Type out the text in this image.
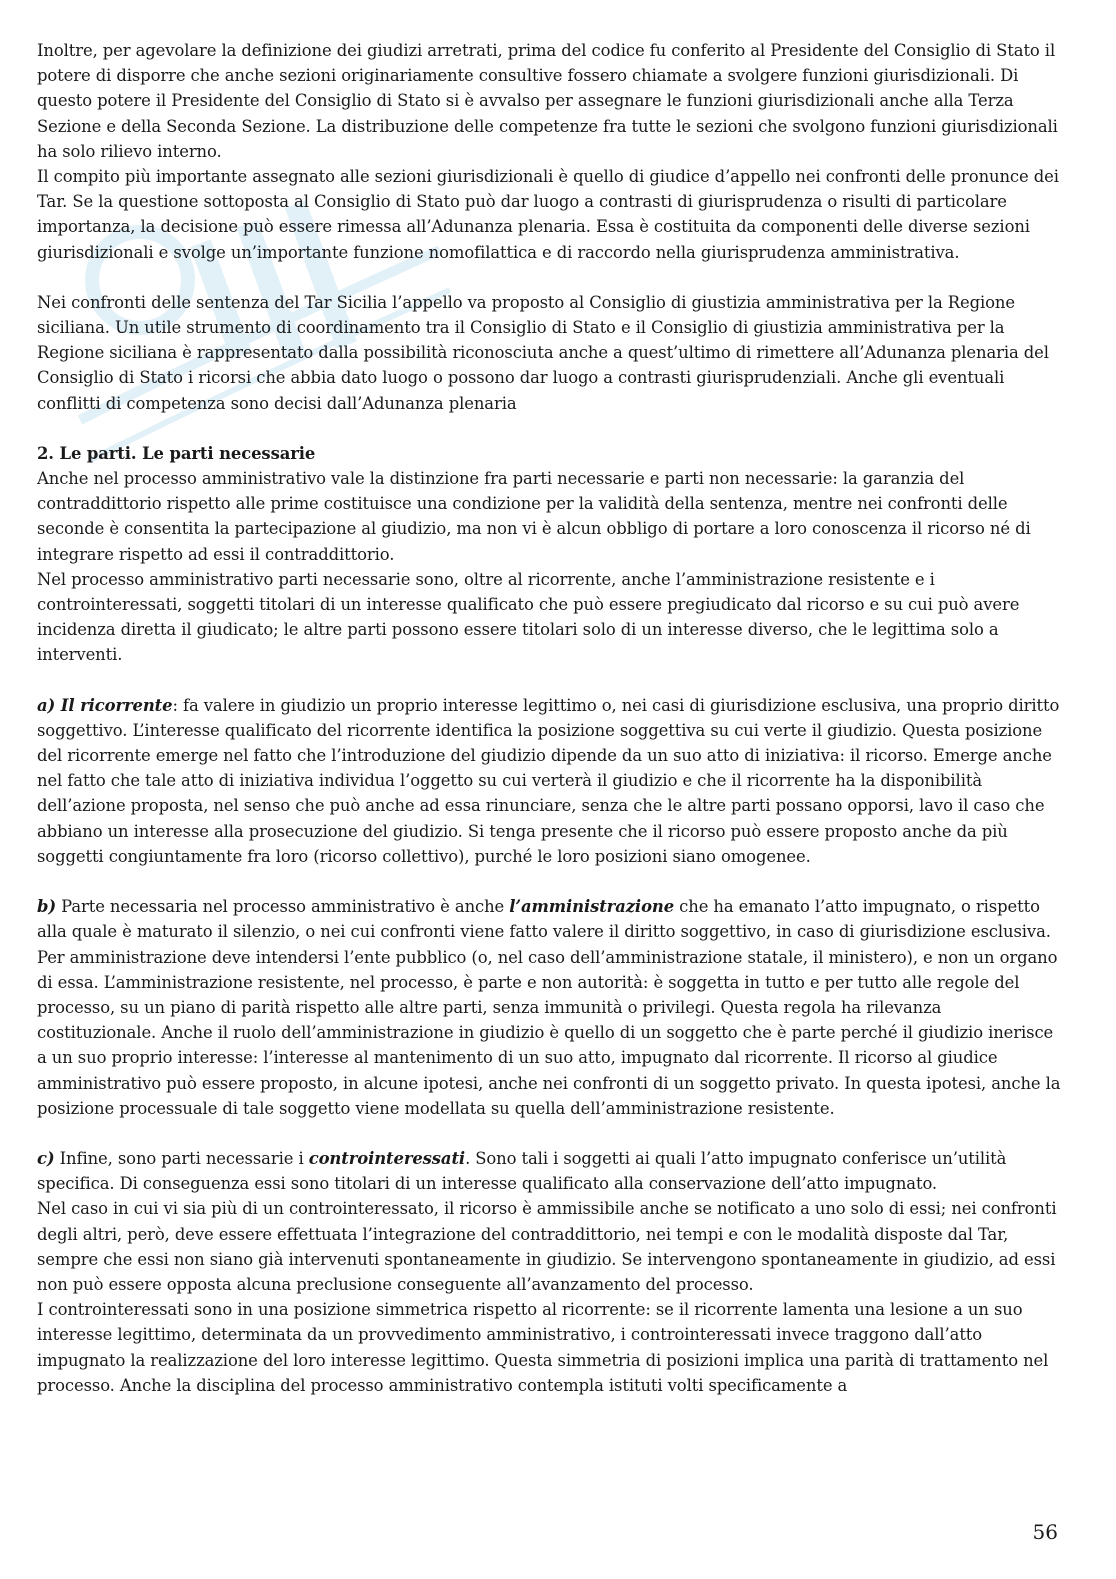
Inoltre, per agevolare la definizione dei giudizi arretrati, prima del codice fu conferito al Presidente del Consiglio di Stato il potere di disporre che anche sezioni originariamente consultive fossero chiamate a svolgere funzioni giurisdizionali. Di questo potere il Presidente del Consiglio di Stato si è avvalso per assegnare le funzioni giurisdizionali anche alla Terza Sezione e della Seconda Sezione. La distribuzione delle competenze fra tutte le sezioni che svolgono funzioni giurisdizionali ha solo rilievo interno.

Il compito più importante assegnato alle sezioni giurisdizionali è quello di giudice d’appello nei confronti delle pronunce dei Tar. Se la questione sottoposta al Consiglio di Stato può dar luogo a contrasti di giurisprudenza o risulti di particolare importanza, la decisione può essere rimessa all’Adunanza plenaria. Essa è costituita da componenti delle diverse sezioni giurisdizionali e svolge un’importante funzione nomofilattica e di raccordo nella giurisprudenza amministrativa.

Nei confronti delle sentenza del Tar Sicilia l’appello va proposto al Consiglio di giustizia amministrativa per la Regione siciliana. Un utile strumento di coordinamento tra il Consiglio di Stato e il Consiglio di giustizia amministrativa per la Regione siciliana è rappresentato dalla possibilità riconosciuta anche a quest’ultimo di rimettere all’Adunanza plenaria del Consiglio di Stato i ricorsi che abbia dato luogo o possono dar luogo a contrasti giurisprudenziali. Anche gli eventuali conflitti di competenza sono decisi dall’Adunanza plenaria

2. Le parti. Le parti necessarie

Anche nel processo amministrativo vale la distinzione fra parti necessarie e parti non necessarie: la garanzia del contraddittorio rispetto alle prime costituisce una condizione per la validità della sentenza, mentre nei confronti delle seconde è consentita la partecipazione al giudizio, ma non vi è alcun obbligo di portare a loro conoscenza il ricorso né di integrare rispetto ad essi il contraddittorio.

Nel processo amministrativo parti necessarie sono, oltre al ricorrente, anche l’amministrazione resistente e i controinteressati, soggetti titolari di un interesse qualificato che può essere pregiudicato dal ricorso e su cui può avere incidenza diretta il giudicato; le altre parti possono essere titolari solo di un interesse diverso, che le legittima solo a interventi.

a) Il ricorrente: fa valere in giudizio un proprio interesse legittimo o, nei casi di giurisdizione esclusiva, una proprio diritto soggettivo. L’interesse qualificato del ricorrente identifica la posizione soggettiva su cui verte il giudizio. Questa posizione del ricorrente emerge nel fatto che l’introduzione del giudizio dipende da un suo atto di iniziativa: il ricorso. Emerge anche nel fatto che tale atto di iniziativa individua l’oggetto su cui verterà il giudizio e che il ricorrente ha la disponibilità dell’azione proposta, nel senso che può anche ad essa rinunciare, senza che le altre parti possano opporsi, lavo il caso che abbiano un interesse alla prosecuzione del giudizio. Si tenga presente che il ricorso può essere proposto anche da più soggetti congiuntamente fra loro (ricorso collettivo), purché le loro posizioni siano omogenee.

b) Parte necessaria nel processo amministrativo è anche l’amministrazione che ha emanato l’atto impugnato, o rispetto alla quale è maturato il silenzio, o nei cui confronti viene fatto valere il diritto soggettivo, in caso di giurisdizione esclusiva. Per amministrazione deve intendersi l’ente pubblico (o, nel caso dell’amministrazione statale, il ministero), e non un organo di essa. L’amministrazione resistente, nel processo, è parte e non autorità: è soggetta in tutto e per tutto alle regole del processo, su un piano di parità rispetto alle altre parti, senza immunità o privilegi. Questa regola ha rilevanza costituzionale. Anche il ruolo dell’amministrazione in giudizio è quello di un soggetto che è parte perché il giudizio inerisce a un suo proprio interesse: l’interesse al mantenimento di un suo atto, impugnato dal ricorrente. Il ricorso al giudice amministrativo può essere proposto, in alcune ipotesi, anche nei confronti di un soggetto privato. In questa ipotesi, anche la posizione processuale di tale soggetto viene modellata su quella dell’amministrazione resistente.

c) Infine, sono parti necessarie i controinteressati. Sono tali i soggetti ai quali l’atto impugnato conferisce un’utilità specifica. Di conseguenza essi sono titolari di un interesse qualificato alla conservazione dell’atto impugnato.

Nel caso in cui vi sia più di un controinteressato, il ricorso è ammissibile anche se notificato a uno solo di essi; nei confronti degli altri, però, deve essere effettuata l’integrazione del contraddittorio, nei tempi e con le modalità disposte dal Tar, sempre che essi non siano già intervenuti spontaneamente in giudizio. Se intervengono spontaneamente in giudizio, ad essi non può essere opposta alcuna preclusione conseguente all’avanzamento del processo.

I controinteressati sono in una posizione simmetrica rispetto al ricorrente: se il ricorrente lamenta una lesione a un suo interesse legittimo, determinata da un provvedimento amministrativo, i controinteressati invece traggono dall’atto impugnato la realizzazione del loro interesse legittimo. Questa simmetria di posizioni implica una parità di trattamento nel processo. Anche la disciplina del processo amministrativo contempla istituti volti specificamente a

56
